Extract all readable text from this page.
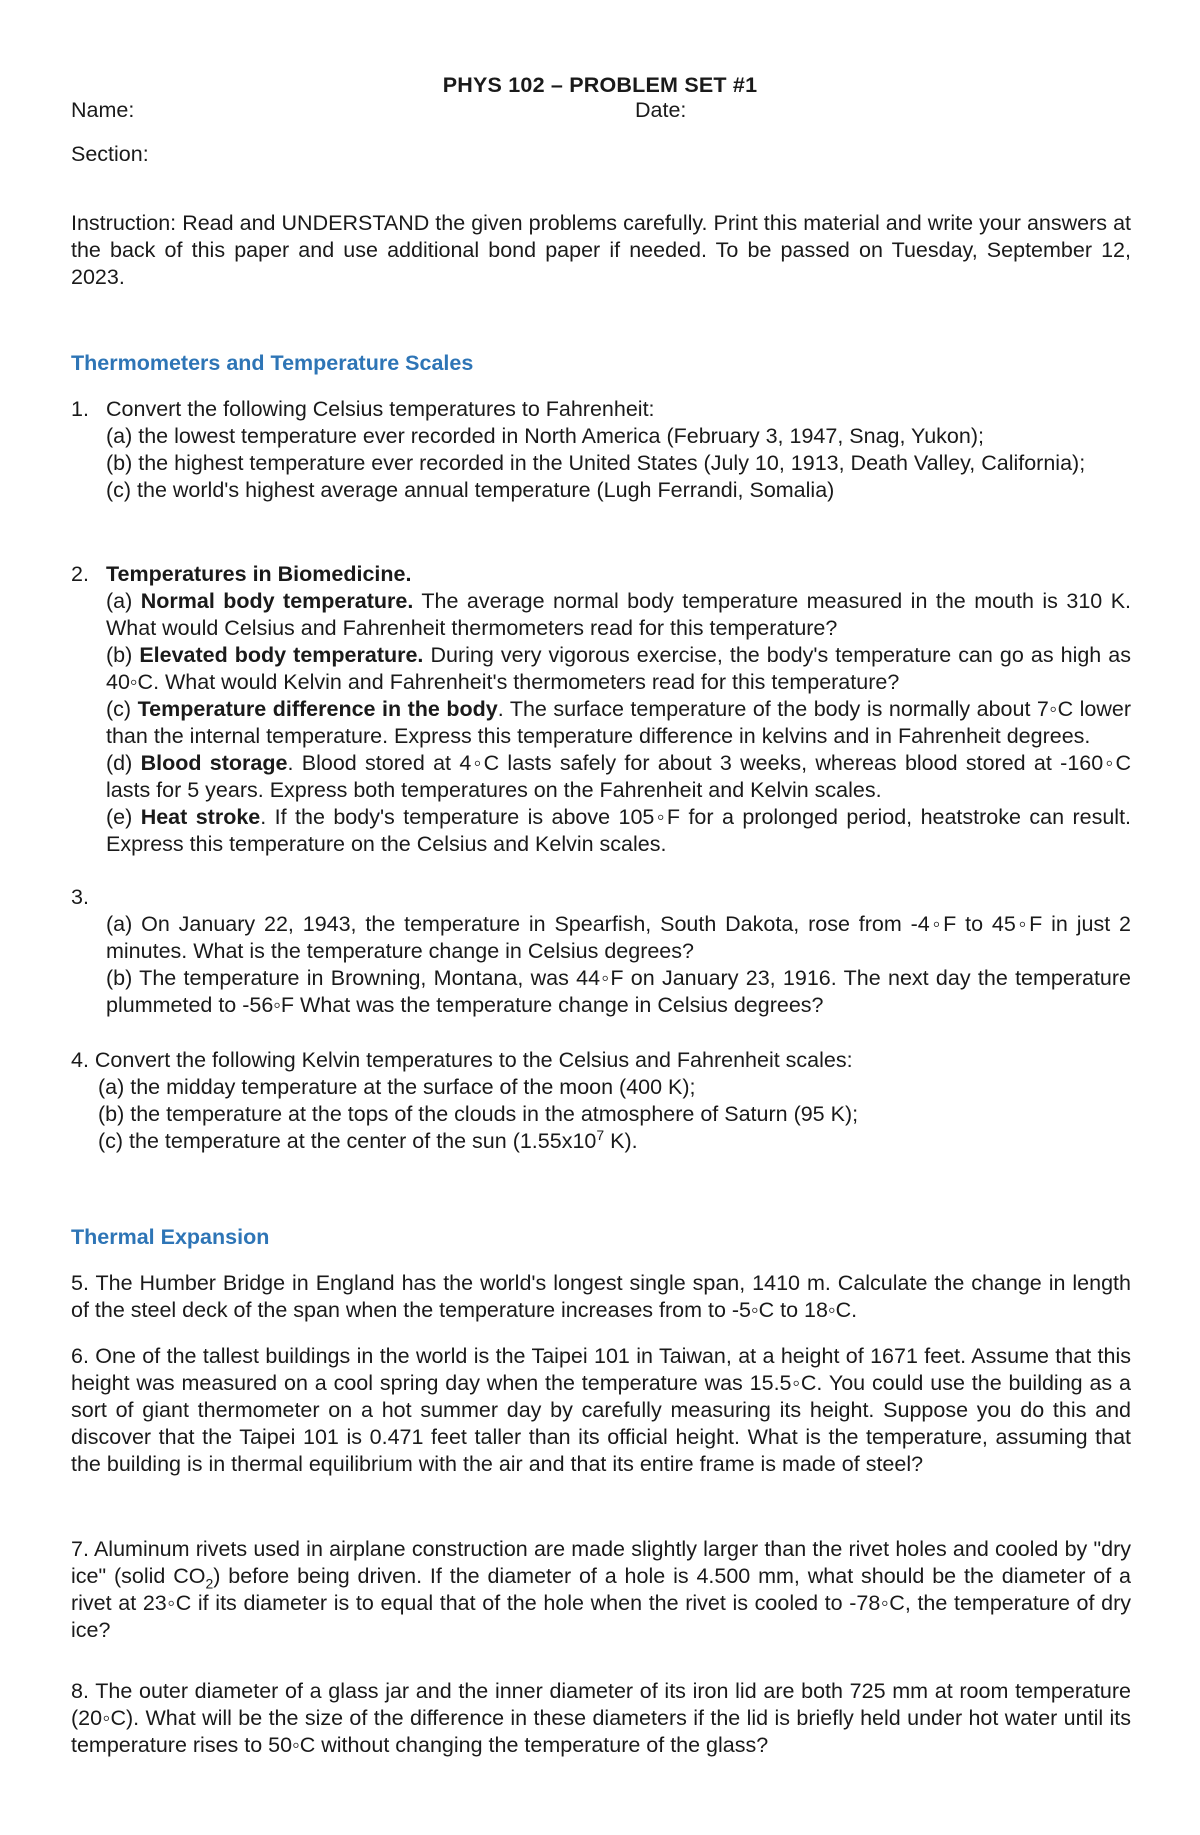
PHYS 102 – PROBLEM SET #1
Name:	Date:
Section:
Instruction: Read and UNDERSTAND the given problems carefully. Print this material and write your answers at the back of this paper and use additional bond paper if needed. To be passed on Tuesday, September 12, 2023.
Thermometers and Temperature Scales
1. Convert the following Celsius temperatures to Fahrenheit:
(a) the lowest temperature ever recorded in North America (February 3, 1947, Snag, Yukon);
(b) the highest temperature ever recorded in the United States (July 10, 1913, Death Valley, California);
(c) the world's highest average annual temperature (Lugh Ferrandi, Somalia)
2. Temperatures in Biomedicine.
(a) Normal body temperature. The average normal body temperature measured in the mouth is 310 K. What would Celsius and Fahrenheit thermometers read for this temperature?
(b) Elevated body temperature. During very vigorous exercise, the body's temperature can go as high as 40◦C. What would Kelvin and Fahrenheit's thermometers read for this temperature?
(c) Temperature difference in the body. The surface temperature of the body is normally about 7◦C lower than the internal temperature. Express this temperature difference in kelvins and in Fahrenheit degrees.
(d) Blood storage. Blood stored at 4◦C lasts safely for about 3 weeks, whereas blood stored at -160◦C lasts for 5 years. Express both temperatures on the Fahrenheit and Kelvin scales.
(e) Heat stroke. If the body's temperature is above 105◦F for a prolonged period, heatstroke can result. Express this temperature on the Celsius and Kelvin scales.
3.
(a) On January 22, 1943, the temperature in Spearfish, South Dakota, rose from -4◦F to 45◦F in just 2 minutes. What is the temperature change in Celsius degrees?
(b) The temperature in Browning, Montana, was 44◦F on January 23, 1916. The next day the temperature plummeted to -56◦F What was the temperature change in Celsius degrees?
4. Convert the following Kelvin temperatures to the Celsius and Fahrenheit scales:
(a) the midday temperature at the surface of the moon (400 K);
(b) the temperature at the tops of the clouds in the atmosphere of Saturn (95 K);
(c) the temperature at the center of the sun ($1.55x10^7$ K).
Thermal Expansion
5. The Humber Bridge in England has the world's longest single span, 1410 m. Calculate the change in length of the steel deck of the span when the temperature increases from to -5◦C to 18◦C.
6. One of the tallest buildings in the world is the Taipei 101 in Taiwan, at a height of 1671 feet. Assume that this height was measured on a cool spring day when the temperature was 15.5◦C. You could use the building as a sort of giant thermometer on a hot summer day by carefully measuring its height. Suppose you do this and discover that the Taipei 101 is 0.471 feet taller than its official height. What is the temperature, assuming that the building is in thermal equilibrium with the air and that its entire frame is made of steel?
7. Aluminum rivets used in airplane construction are made slightly larger than the rivet holes and cooled by "dry ice" (solid $CO_2$) before being driven. If the diameter of a hole is 4.500 mm, what should be the diameter of a rivet at 23◦C if its diameter is to equal that of the hole when the rivet is cooled to -78◦C, the temperature of dry ice?
8. The outer diameter of a glass jar and the inner diameter of its iron lid are both 725 mm at room temperature (20◦C). What will be the size of the difference in these diameters if the lid is briefly held under hot water until its temperature rises to 50◦C without changing the temperature of the glass?
